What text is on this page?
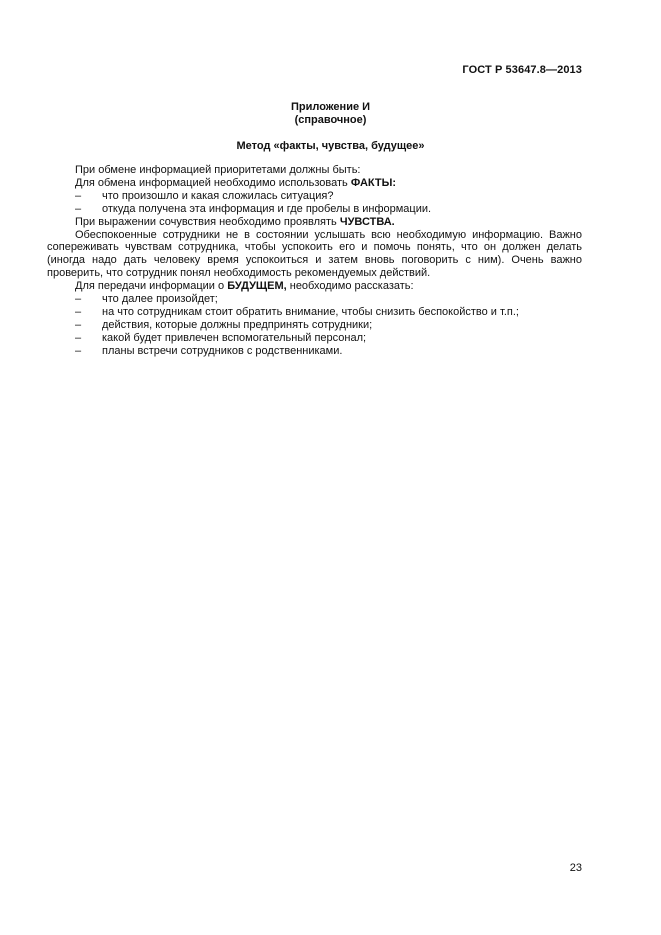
ГОСТ Р 53647.8—2013
Приложение И
(справочное)
Метод «факты, чувства, будущее»

При обмене информацией приоритетами должны быть:

Для обмена информацией необходимо использовать ФАКТЫ:

–	что произошло и какая сложилась ситуация?
–	откуда получена эта информация и где пробелы в информации.

При выражении сочувствия необходимо проявлять ЧУВСТВА.

Обеспокоенные сотрудники не в состоянии услышать всю необходимую информацию. Важно сопереживать чувствам сотрудника, чтобы успокоить его и помочь понять, что он должен делать (иногда надо дать человеку время успокоиться и затем вновь поговорить с ним). Очень важно проверить, что сотрудник понял необходимость рекомендуемых действий.

Для передачи информации о БУДУЩЕМ, необходимо рассказать:

–	что далее произойдет;
–	на что сотрудникам стоит обратить внимание, чтобы снизить беспокойство и т.п.;
–	действия, которые должны предпринять сотрудники;
–	какой будет привлечен вспомогательный персонал;
–	планы встречи сотрудников с родственниками.
23
